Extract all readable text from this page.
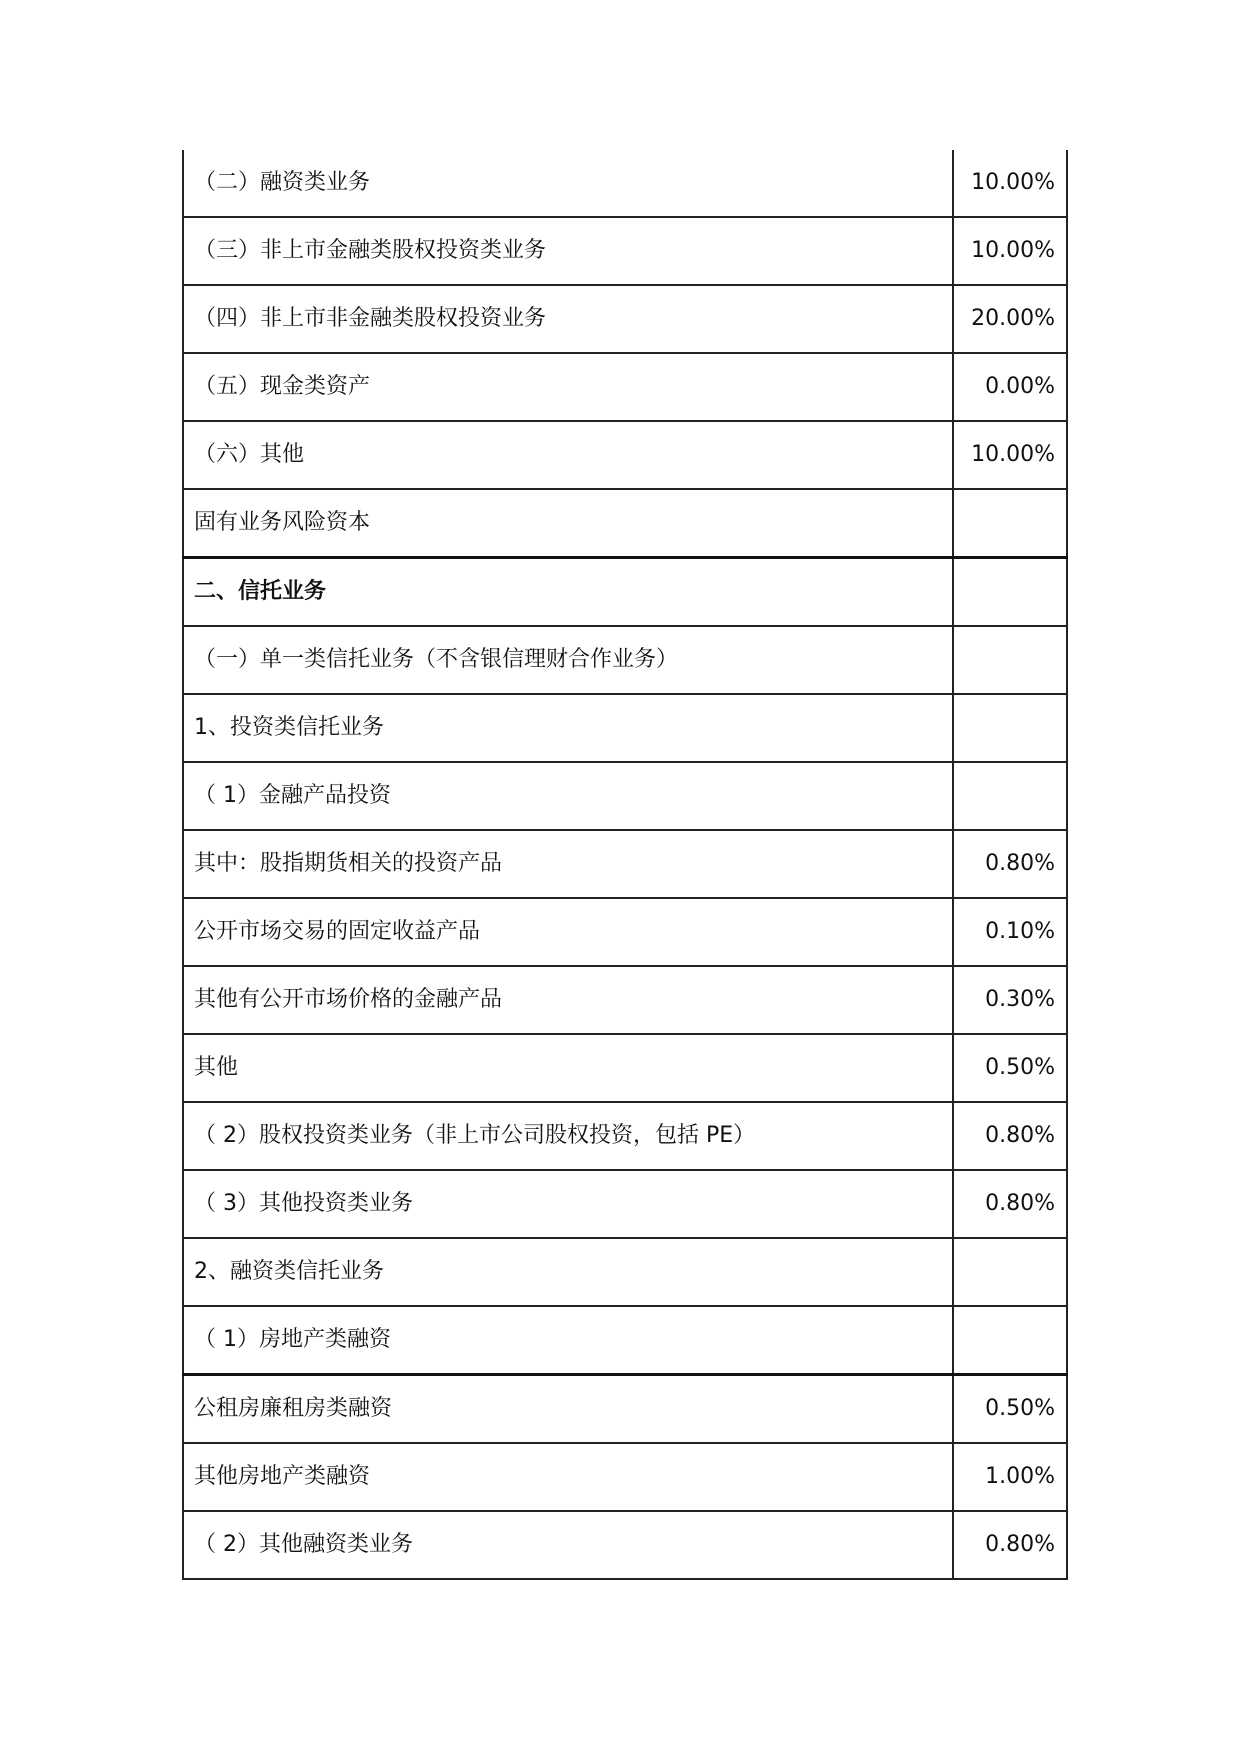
（二）融资类业务	10.00%
（三）非上市金融类股权投资类业务	10.00%
（四）非上市非金融类股权投资业务	20.00%
（五）现金类资产	0.00%
（六）其他	10.00%
固有业务风险资本	
二、信托业务	
（一）单一类信托业务（不含银信理财合作业务）	
1、投资类信托业务	
（ 1）金融产品投资	
其中：股指期货相关的投资产品	0.80%
公开市场交易的固定收益产品	0.10%
其他有公开市场价格的金融产品	0.30%
其他	0.50%
（ 2）股权投资类业务（非上市公司股权投资，包括 PE）	0.80%
（ 3）其他投资类业务	0.80%
2、融资类信托业务	
（ 1）房地产类融资	
公租房廉租房类融资	0.50%
其他房地产类融资	1.00%
（ 2）其他融资类业务	0.80%
